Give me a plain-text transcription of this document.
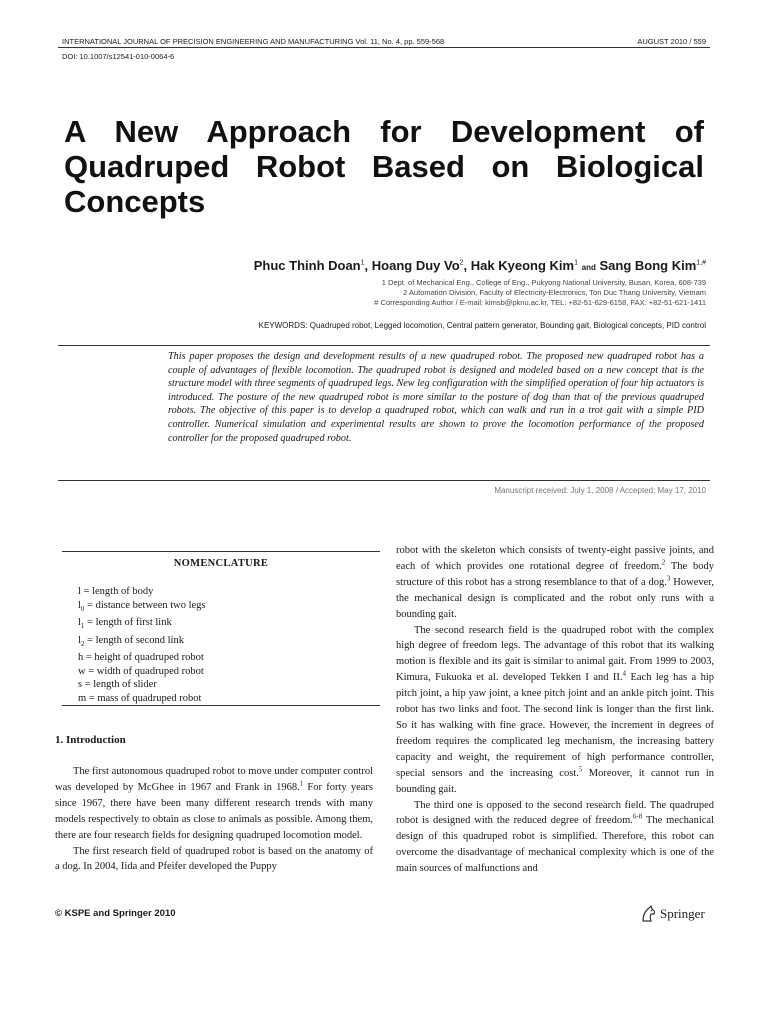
INTERNATIONAL JOURNAL OF PRECISION ENGINEERING AND MANUFACTURING Vol. 11, No. 4, pp. 559-568	AUGUST 2010 / 559
DOI: 10.1007/s12541-010-0064-6
A New Approach for Development of
Quadruped Robot Based on Biological
Concepts
Phuc Thinh Doan$^1$, Hoang Duy Vo$^2$, Hak Kyeong Kim$^1$ and Sang Bong Kim$^{1,\#}$
1 Dept. of Mechanical Eng., College of Eng., Pukyong National University, Busan, Korea, 608-739
2 Automation Division, Faculty of Electricity-Electronics, Ton Duc Thang University, Vietnam
# Corresponding Author / E-mail: kimsb@pknu.ac.kr, TEL: +82-51-629-6158, FAX: +82-51-621-1411
KEYWORDS: Quadruped robot, Legged locomotion, Central pattern generator, Bounding gait, Biological concepts, PID control
This paper proposes the design and development results of a new quadruped robot. The proposed new quadruped robot has a couple of advantages of flexible locomotion. The quadruped robot is designed and modeled based on a new concept that is the structure model with three segments of quadruped legs. New leg configuration with the simplified operation of four hip actuators is introduced. The posture of the new quadruped robot is more similar to the posture of dog than that of the previous quadruped robots. The objective of this paper is to develop a quadruped robot, which can walk and run in a trot gait with a simple PID controller. Numerical simulation and experimental results are shown to prove the locomotion performance of the proposed controller for the proposed quadruped robot.
Manuscript received: July 1, 2008 / Accepted: May 17, 2010
NOMENCLATURE
l = length of body
$l_0$ = distance between two legs
$l_1$ = length of first link
$l_2$ = length of second link
h = height of quadruped robot
w = width of quadruped robot
s = length of slider
m = mass of quadruped robot
1. Introduction

The first autonomous quadruped robot to move under computer control was developed by McGhee in 1967 and Frank in 1968.$^1$ For forty years since 1967, there have been many different research trends with many models respectively to obtain as close to animals as possible. Among them, there are four research fields for designing quadruped locomotion model.

The first research field of quadruped robot is based on the anatomy of a dog. In 2004, Iida and Pfeifer developed the Puppy

robot with the skeleton which consists of twenty-eight passive joints, and each of which provides one rotational degree of freedom.$^2$ The body structure of this robot has a strong resemblance to that of a dog.$^3$ However, the mechanical design is complicated and the robot only runs with a bounding gait.

The second research field is the quadruped robot with the complex high degree of freedom legs. The advantage of this robot that its walking motion is flexible and its gait is similar to animal gait. From 1999 to 2003, Kimura, Fukuoka et al. developed Tekken I and II.$^4$ Each leg has a hip pitch joint, a hip yaw joint, a knee pitch joint and an ankle pitch joint. This robot has two links and foot. The second link is longer than the first link. So it has walking with fine grace. However, the increment in degrees of freedom requires the complicated leg mechanism, the increasing battery capacity and weight, the requirement of high performance controller, special sensors and the increasing cost.$^5$ Moreover, it cannot run in bounding gait.

The third one is opposed to the second research field. The quadruped robot is designed with the reduced degree of freedom.$^{6-8}$ The mechanical design of this quadruped robot is simplified. Therefore, this robot can overcome the disadvantage of mechanical complexity which is one of the main sources of malfunctions and

© KSPE and Springer 2010	Springer
